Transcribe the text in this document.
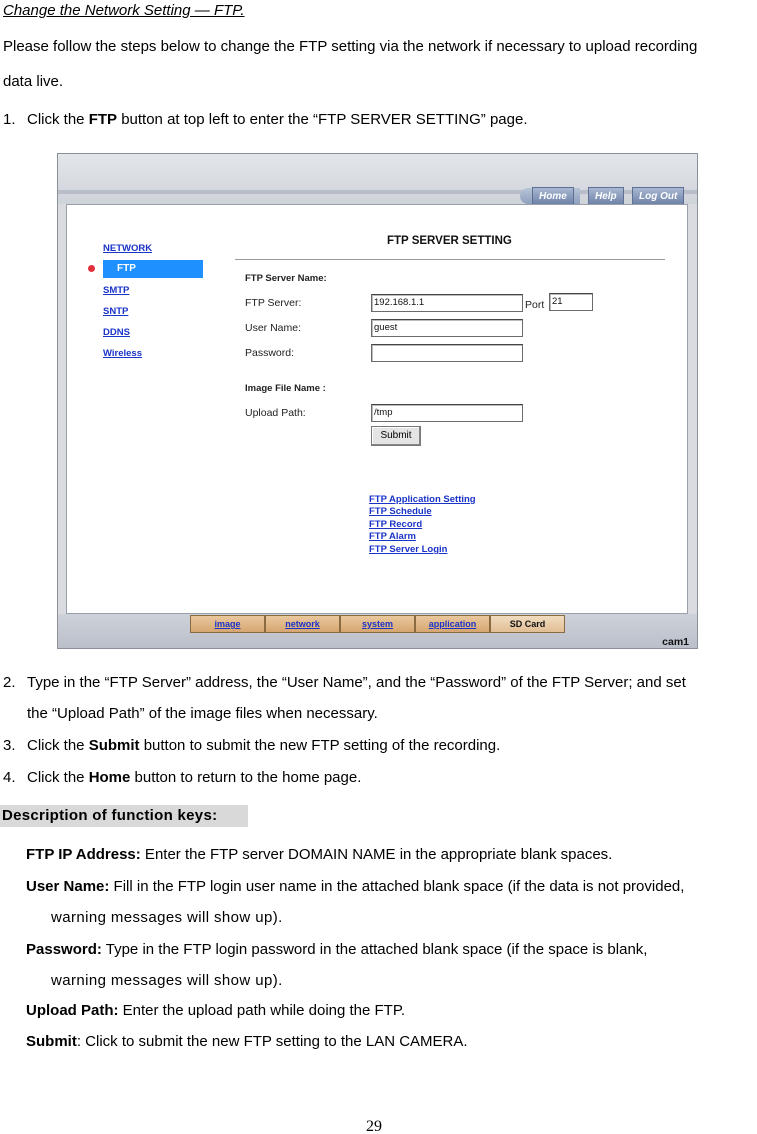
Change the Network Setting — FTP.
Please follow the steps below to change the FTP setting via the network if necessary to upload recording
data live.
1. Click the FTP button at top left to enter the “FTP SERVER SETTING” page.
Home	Help	Log Out
NETWORK
FTP
SMTP
SNTP
DDNS
Wireless
FTP SERVER SETTING
FTP Server Name:
FTP Server:	192.168.1.1	Port 21
User Name:	guest
Password:
Image File Name :
Upload Path:	/tmp
Submit
FTP Application Setting
FTP Schedule
FTP Record
FTP Alarm
FTP Server Login
image	network	system	application	SD Card
cam1
2. Type in the “FTP Server” address, the “User Name”, and the “Password” of the FTP Server; and set
the “Upload Path” of the image files when necessary.
3. Click the Submit button to submit the new FTP setting of the recording.
4. Click the Home button to return to the home page.
Description of function keys:
FTP IP Address: Enter the FTP server DOMAIN NAME in the appropriate blank spaces.
User Name: Fill in the FTP login user name in the attached blank space (if the data is not provided,
warning messages will show up).
Password: Type in the FTP login password in the attached blank space (if the space is blank,
warning messages will show up).
Upload Path: Enter the upload path while doing the FTP.
Submit: Click to submit the new FTP setting to the LAN CAMERA.
29
